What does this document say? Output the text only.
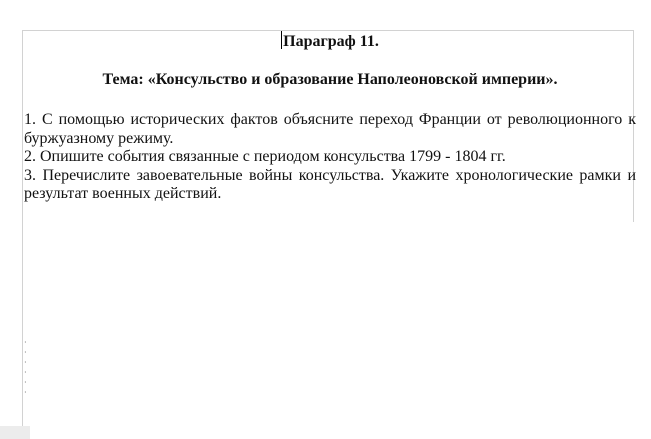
·
·
·
·
·
·

Параграф 11.

Тема: «Консульство и образование Наполеоновской империи».

1. С помощью исторических фактов объясните переход Франции от революционного к буржуазному режиму.

2. Опишите события связанные с периодом консульства 1799 - 1804 гг.

3. Перечислите завоевательные войны консульства. Укажите хронологические рамки и результат военных действий.
